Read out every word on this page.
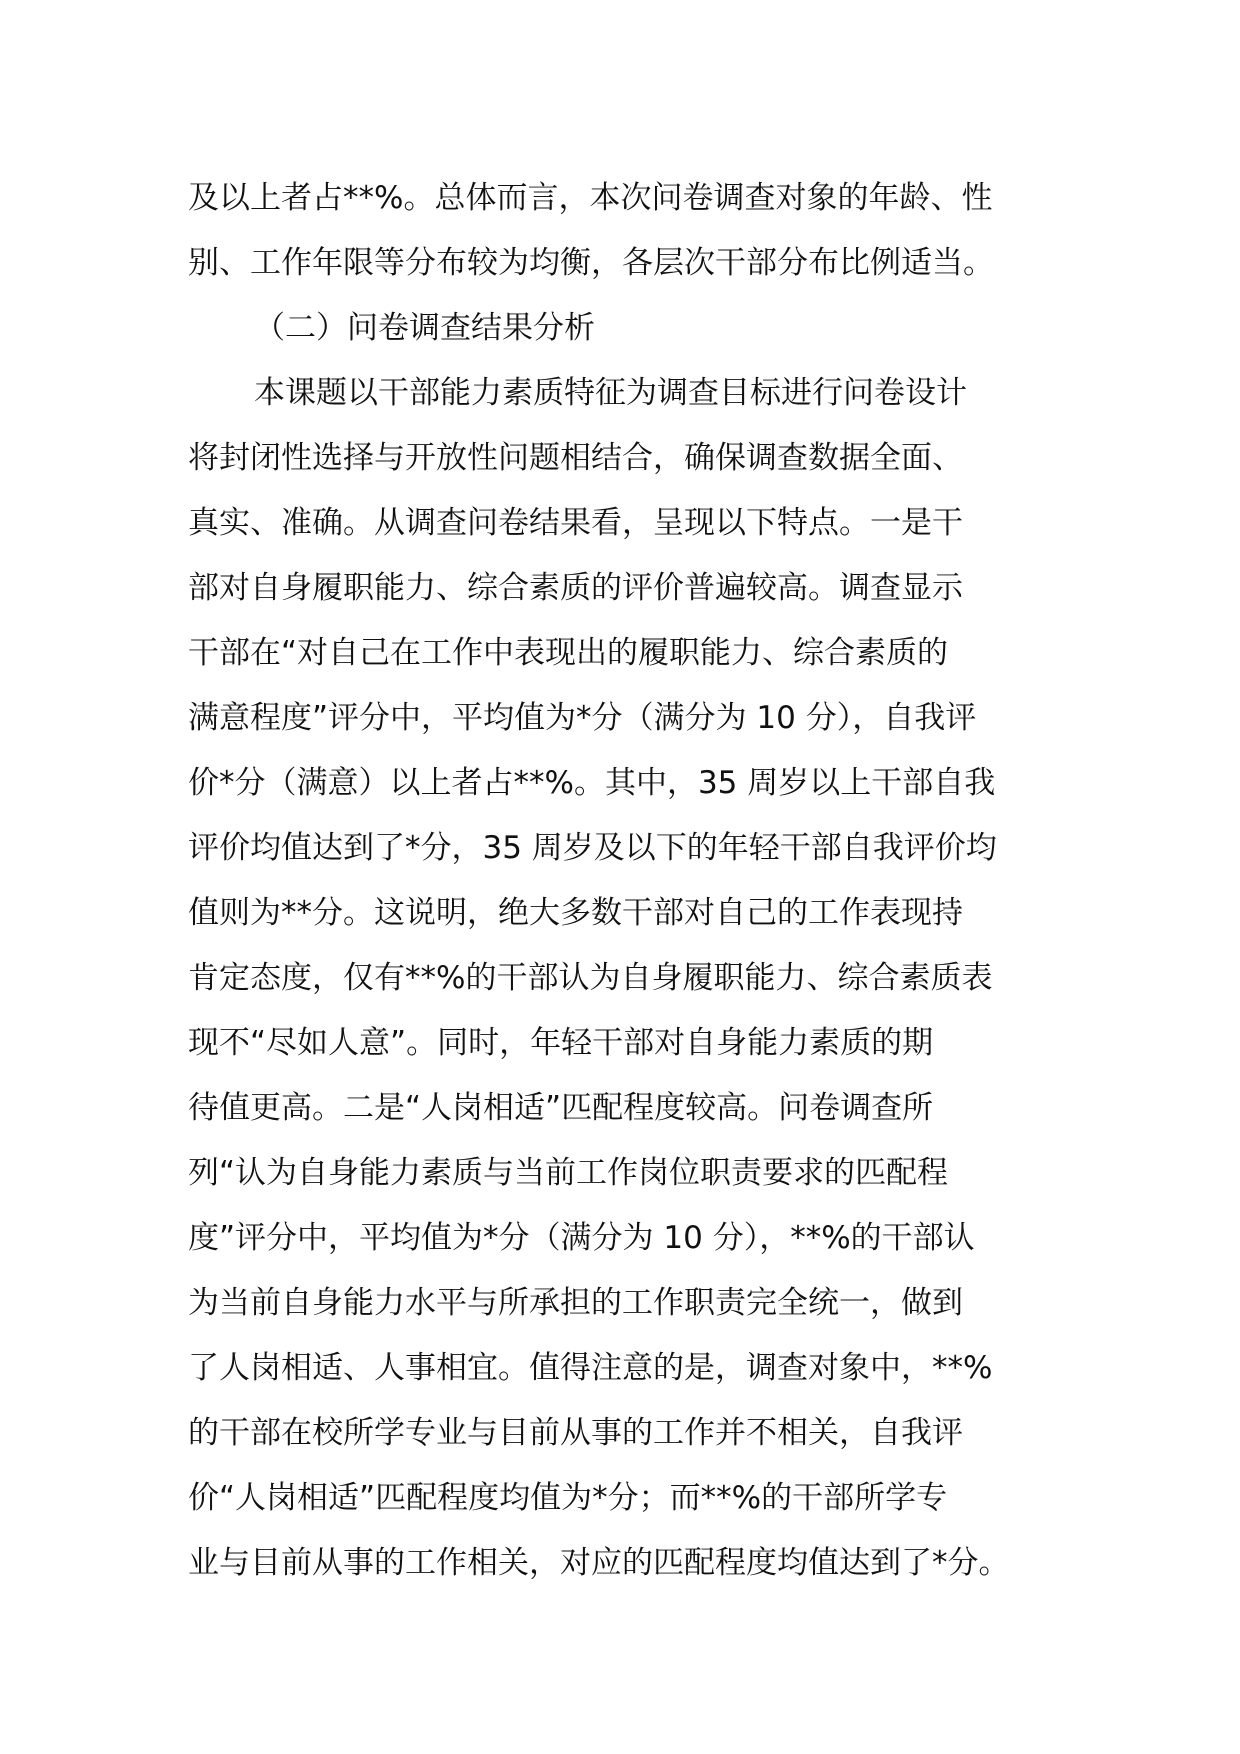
及以上者占**%。总体而言，本次问卷调查对象的年龄、性
别、工作年限等分布较为均衡，各层次干部分布比例适当。
（二）问卷调查结果分析
本课题以干部能力素质特征为调查目标进行问卷设计
将封闭性选择与开放性问题相结合，确保调查数据全面、
真实、准确。从调查问卷结果看，呈现以下特点。一是干
部对自身履职能力、综合素质的评价普遍较高。调查显示
干部在“对自己在工作中表现出的履职能力、综合素质的
满意程度”评分中，平均值为*分（满分为 10 分），自我评
价*分（满意）以上者占**%。其中，35 周岁以上干部自我
评价均值达到了*分，35 周岁及以下的年轻干部自我评价均
值则为**分。这说明，绝大多数干部对自己的工作表现持
肯定态度，仅有**%的干部认为自身履职能力、综合素质表
现不“尽如人意”。同时，年轻干部对自身能力素质的期
待值更高。二是“人岗相适”匹配程度较高。问卷调查所
列“认为自身能力素质与当前工作岗位职责要求的匹配程
度”评分中，平均值为*分（满分为 10 分），**%的干部认
为当前自身能力水平与所承担的工作职责完全统一，做到
了人岗相适、人事相宜。值得注意的是，调查对象中，**%
的干部在校所学专业与目前从事的工作并不相关，自我评
价“人岗相适”匹配程度均值为*分；而**%的干部所学专
业与目前从事的工作相关，对应的匹配程度均值达到了*分。
